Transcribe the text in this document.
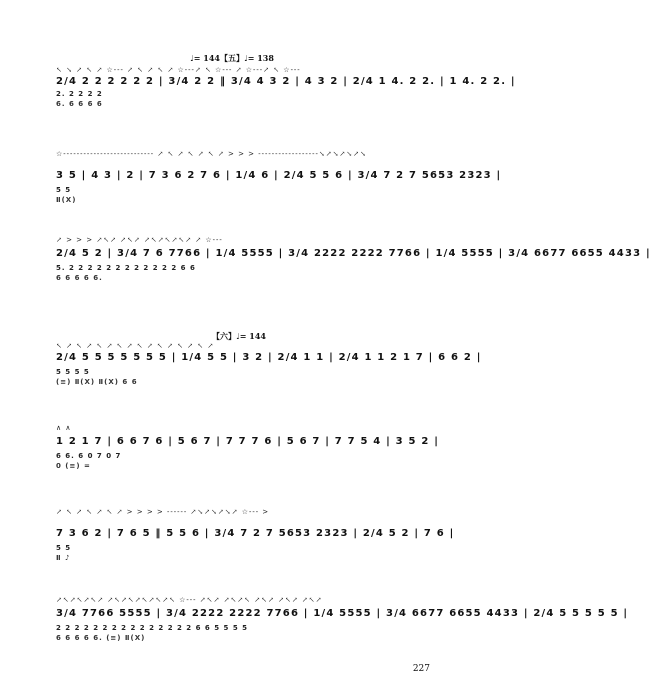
♩= 144【五】♩= 138
↖ ↘ ↗ ↖ ↗ ☆--- ↗ ↖ ↗ ↖ ↗ ☆---↗ ↖ ☆--- ↗ ☆---↗ ↖ ☆---
2/4 2 2 2 2 2 2 | 3/4 2 2 ‖ 3/4 4 3 2 | 4 3 2 | 2/4 1 4. 2 2. | 1 4. 2 2. |
2. 2 2 2 2
6. 6 6 6 6
☆--------------------------- ↗ ↖ ↗ ↖ ↗ ↖ ↗ > > > ------------------↘↗↘↗↘↗↘
3 5 | 4 3 | 2 | 7 3 6 2 7 6 | 1/4 6 | 2/4 5 5 6 | 3/4 7 2 7 5653 2323 |
5 5
Ⅱ(X)
↗ > > > ↗↖↗ ↗↖↗ ↗↖↗↖↗↖↗ ↗ ☆---
2/4 5 2 | 3/4 7 6 7766 | 1/4 5555 | 3/4 2222 2222 7766 | 1/4 5555 | 3/4 6677 6655 4433 |
5. 2 2 2 2 2 2 2 2 2 2 2 2 6 6
6 6 6 6 6.
【六】♩= 144
↖ ↗ ↖ ↗ ↖ ↗ ↖ ↗ ↖ ↗ ↖ ↗ ↖ ↗ ↖ ↗
2/4 5 5 5 5 5 5 5 | 1/4 5 5 | 3 2 | 2/4 1 1 | 2/4 1 1 2 1 7 | 6 6 2 |
5 5 5 5
(≡) Ⅱ(X) Ⅱ(X) 6 6
∧ ∧
1 2 1 7 | 6 6 7 6 | 5 6 7 | 7 7 7 6 | 5 6 7 | 7 7 5 4 | 3 5 2 |
6 6. 6 0 7 0 7
0 (≡) =
↗ ↖ ↗ ↖ ↗ ↖ ↗ > > > > ------ ↗↘↗↘↗↘↗ ☆--- >
7 3 6 2 | 7 6 5 ‖ 5 5 6 | 3/4 7 2 7 5653 2323 | 2/4 5 2 | 7 6 |
5 5
Ⅱ ♪
↗↖↗↖↗↖↗ ↗↖↗↖↗↖↗↖↗↖ ☆--- ↗↖↗ ↗↖↗↖ ↗↖↗ ↗↖↗ ↗↖↗
3/4 7766 5555 | 3/4 2222 2222 7766 | 1/4 5555 | 3/4 6677 6655 4433 | 2/4 5 5 5 5 5 |
2 2 2 2 2 2 2 2 2 2 2 2 2 2 2 6 6 5 5 5 5
6 6 6 6 6. (≡) Ⅱ(X)
227
